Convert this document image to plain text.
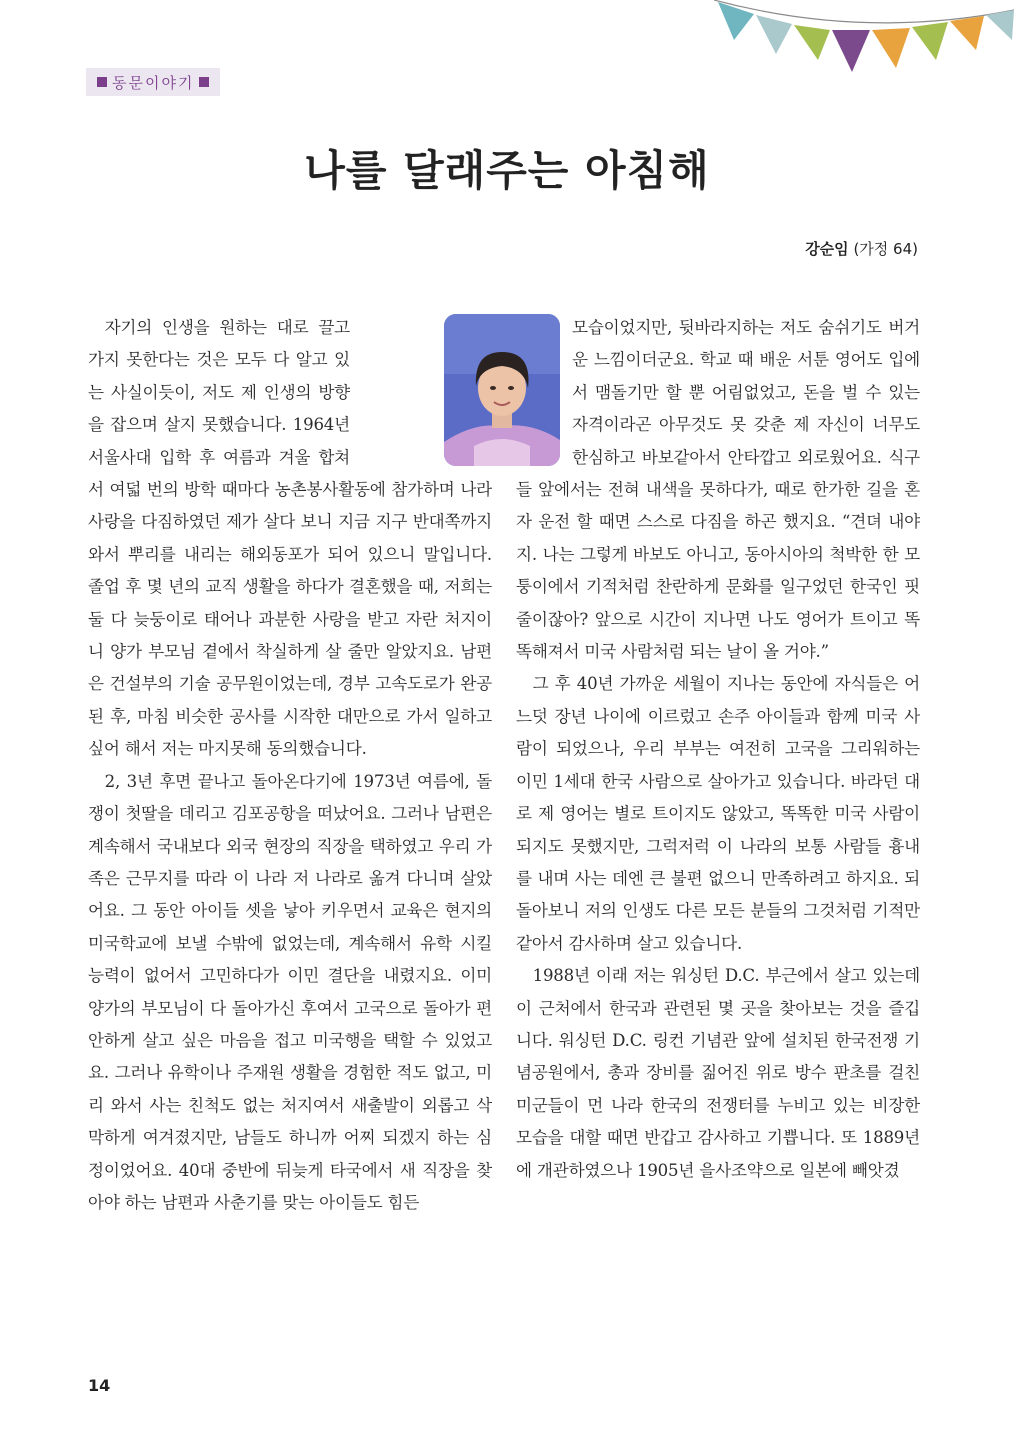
동문이야기
나를 달래주는 아침해
강순임 (가정 64)

자기의 인생을 원하는 대로 끌고 가지 못한다는 것은 모두 다 알고 있는 사실이듯이, 저도 제 인생의 방향을 잡으며 살지 못했습니다. 1964년 서울사대 입학 후 여름과 겨울 합쳐서 여덟 번의 방학 때마다 농촌봉사활동에 참가하며 나라 사랑을 다짐하였던 제가 살다 보니 지금 지구 반대쪽까지 와서 뿌리를 내리는 해외동포가 되어 있으니 말입니다. 졸업 후 몇 년의 교직 생활을 하다가 결혼했을 때, 저희는 둘 다 늦둥이로 태어나 과분한 사랑을 받고 자란 처지이니 양가 부모님 곁에서 착실하게 살 줄만 알았지요. 남편은 건설부의 기술 공무원이었는데, 경부 고속도로가 완공된 후, 마침 비슷한 공사를 시작한 대만으로 가서 일하고 싶어 해서 저는 마지못해 동의했습니다.

2, 3년 후면 끝나고 돌아온다기에 1973년 여름에, 돌쟁이 첫딸을 데리고 김포공항을 떠났어요. 그러나 남편은 계속해서 국내보다 외국 현장의 직장을 택하였고 우리 가족은 근무지를 따라 이 나라 저 나라로 옮겨 다니며 살았어요. 그 동안 아이들 셋을 낳아 키우면서 교육은 현지의 미국학교에 보낼 수밖에 없었는데, 계속해서 유학 시킬 능력이 없어서 고민하다가 이민 결단을 내렸지요. 이미 양가의 부모님이 다 돌아가신 후여서 고국으로 돌아가 편안하게 살고 싶은 마음을 접고 미국행을 택할 수 있었고요. 그러나 유학이나 주재원 생활을 경험한 적도 없고, 미리 와서 사는 친척도 없는 처지여서 새출발이 외롭고 삭막하게 여겨졌지만, 남들도 하니까 어찌 되겠지 하는 심정이었어요. 40대 중반에 뒤늦게 타국에서 새 직장을 찾아야 하는 남편과 사춘기를 맞는 아이들도 힘든

모습이었지만, 뒷바라지하는 저도 숨쉬기도 버거운 느낌이더군요. 학교 때 배운 서툰 영어도 입에서 맴돌기만 할 뿐 어림없었고, 돈을 벌 수 있는 자격이라곤 아무것도 못 갖춘 제 자신이 너무도 한심하고 바보같아서 안타깝고 외로웠어요. 식구들 앞에서는 전혀 내색을 못하다가, 때로 한가한 길을 혼자 운전 할 때면 스스로 다짐을 하곤 했지요. “견뎌 내야지. 나는 그렇게 바보도 아니고, 동아시아의 척박한 한 모퉁이에서 기적처럼 찬란하게 문화를 일구었던 한국인 핏줄이잖아? 앞으로 시간이 지나면 나도 영어가 트이고 똑똑해져서 미국 사람처럼 되는 날이 올 거야.”

그 후 40년 가까운 세월이 지나는 동안에 자식들은 어느덧 장년 나이에 이르렀고 손주 아이들과 함께 미국 사람이 되었으나, 우리 부부는 여전히 고국을 그리워하는 이민 1세대 한국 사람으로 살아가고 있습니다. 바라던 대로 제 영어는 별로 트이지도 않았고, 똑똑한 미국 사람이 되지도 못했지만, 그럭저럭 이 나라의 보통 사람들 흉내를 내며 사는 데엔 큰 불편 없으니 만족하려고 하지요. 되돌아보니 저의 인생도 다른 모든 분들의 그것처럼 기적만 같아서 감사하며 살고 있습니다.

1988년 이래 저는 워싱턴 D.C. 부근에서 살고 있는데 이 근처에서 한국과 관련된 몇 곳을 찾아보는 것을 즐깁니다. 워싱턴 D.C. 링컨 기념관 앞에 설치된 한국전쟁 기념공원에서, 총과 장비를 짊어진 위로 방수 판초를 걸친 미군들이 먼 나라 한국의 전쟁터를 누비고 있는 비장한 모습을 대할 때면 반갑고 감사하고 기쁩니다. 또 1889년에 개관하였으나 1905년 을사조약으로 일본에 빼앗겼

14
